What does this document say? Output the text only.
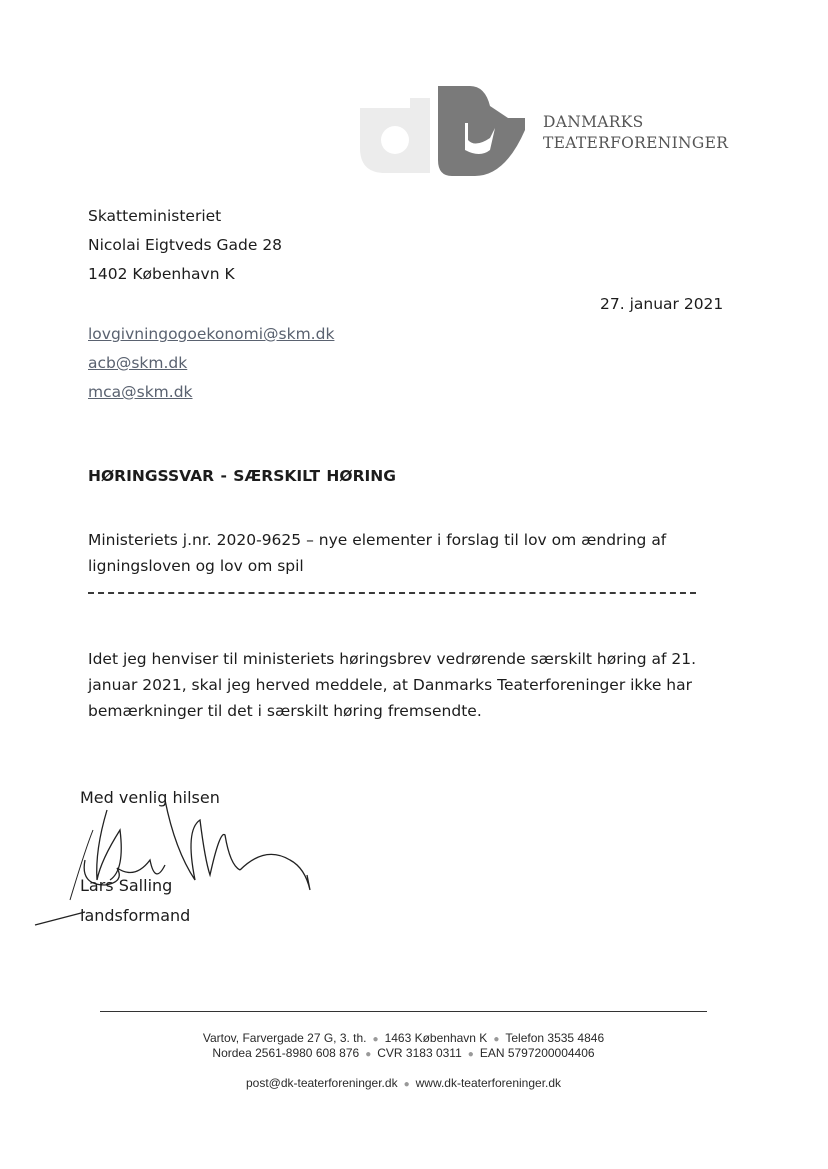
DANMARKS
TEATERFORENINGER
Skatteministeriet
Nicolai Eigtveds Gade 28
1402 København K
27. januar 2021
lovgivningogoekonomi@skm.dk
acb@skm.dk
mca@skm.dk
HØRINGSSVAR - SÆRSKILT HØRING
Ministeriets j.nr. 2020-9625 – nye elementer i forslag til lov om ændring af ligningsloven og lov om spil
Idet jeg henviser til ministeriets høringsbrev vedrørende særskilt høring af 21. januar 2021, skal jeg herved meddele, at Danmarks Teaterforeninger ikke har bemærkninger til det i særskilt høring fremsendte.
Med venlig hilsen
Lars Salling
landsformand
Vartov, Farvergade 27 G, 3. th. ● 1463 København K ● Telefon 3535 4846
Nordea 2561-8980 608 876 ● CVR 3183 0311 ● EAN 5797200004406
post@dk-teaterforeninger.dk ● www.dk-teaterforeninger.dk
